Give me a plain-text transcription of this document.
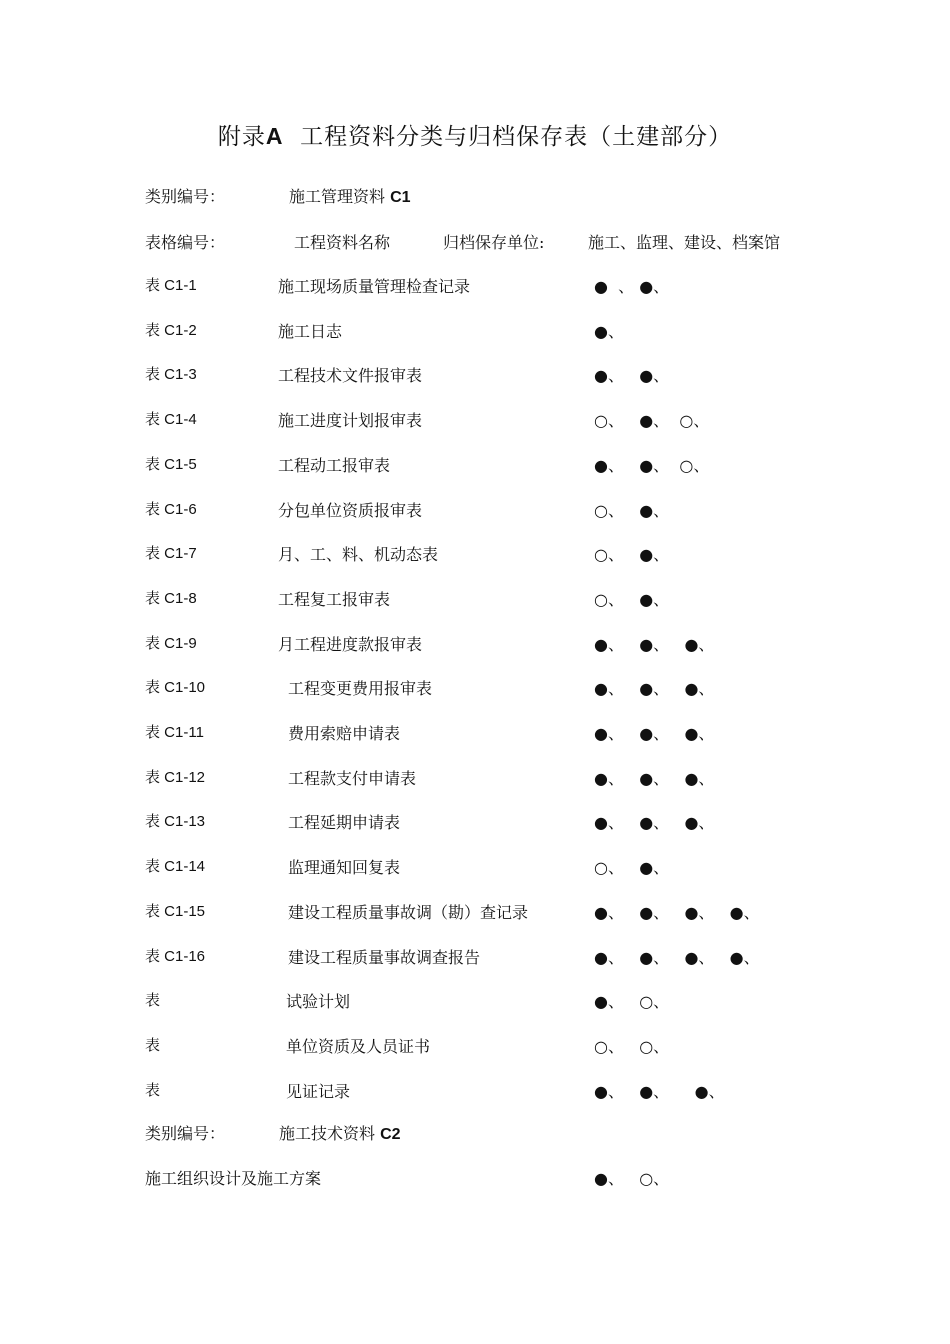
附录A 工程资料分类与归档保存表（土建部分）
类别编号：	施工管理资料 C1
表格编号：	工程资料名称	归档保存单位:	施工、监理、建设、档案馆
表 C1-1	施工现场质量管理检查记录	●  、 ●、
表 C1-2	施工日志	●、
表 C1-3	工程技术文件报审表	●、   ●、
表 C1-4	施工进度计划报审表	○、   ●、  ○、
表 C1-5	工程动工报审表	●、   ●、  ○、
表 C1-6	分包单位资质报审表	○、   ●、
表 C1-7	月、工、料、机动态表	○、   ●、
表 C1-8	工程复工报审表	○、   ●、
表 C1-9	月工程进度款报审表	●、   ●、   ●、
表 C1-10	工程变更费用报审表	●、   ●、   ●、
表 C1-11	费用索赔申请表	●、   ●、   ●、
表 C1-12	工程款支付申请表	●、   ●、   ●、
表 C1-13	工程延期申请表	●、   ●、   ●、
表 C1-14	监理通知回复表	○、   ●、
表 C1-15	建设工程质量事故调（勘）查记录	●、   ●、   ●、   ●、
表 C1-16	建设工程质量事故调查报告	●、   ●、   ●、   ●、
表	试验计划	●、   ○、
表	单位资质及人员证书	○、   ○、
表	见证记录	●、   ●、     ●、
类别编号：	施工技术资料 C2
施工组织设计及施工方案	●、   ○、
